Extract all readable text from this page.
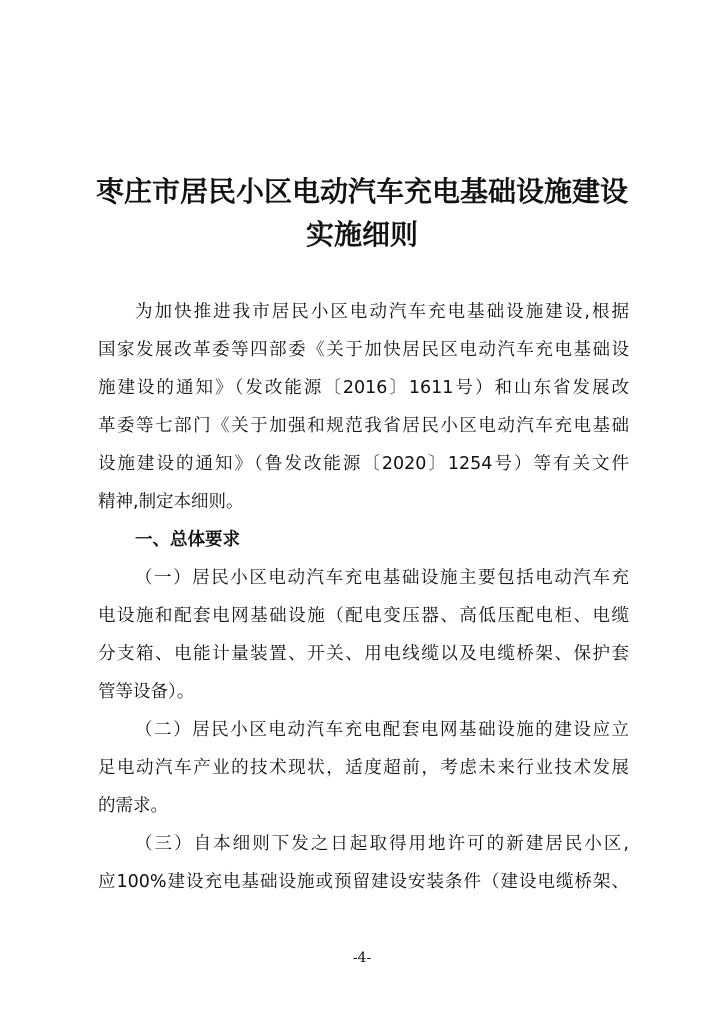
枣庄市居民小区电动汽车充电基础设施建设
实施细则
为加快推进我市居民小区电动汽车充电基础设施建设,根据
国家发展改革委等四部委《关于加快居民区电动汽车充电基础设
施建设的通知》（发改能源〔2016〕1611号）和山东省发展改
革委等七部门《关于加强和规范我省居民小区电动汽车充电基础
设施建设的通知》（鲁发改能源〔2020〕1254号）等有关文件
精神,制定本细则。
一、总体要求
（一）居民小区电动汽车充电基础设施主要包括电动汽车充
电设施和配套电网基础设施（配电变压器、高低压配电柜、电缆
分支箱、电能计量装置、开关、用电线缆以及电缆桥架、保护套
管等设备）。
（二）居民小区电动汽车充电配套电网基础设施的建设应立
足电动汽车产业的技术现状，适度超前，考虑未来行业技术发展
的需求。
（三）自本细则下发之日起取得用地许可的新建居民小区,
应100%建设充电基础设施或预留建设安装条件（建设电缆桥架、
-4-
